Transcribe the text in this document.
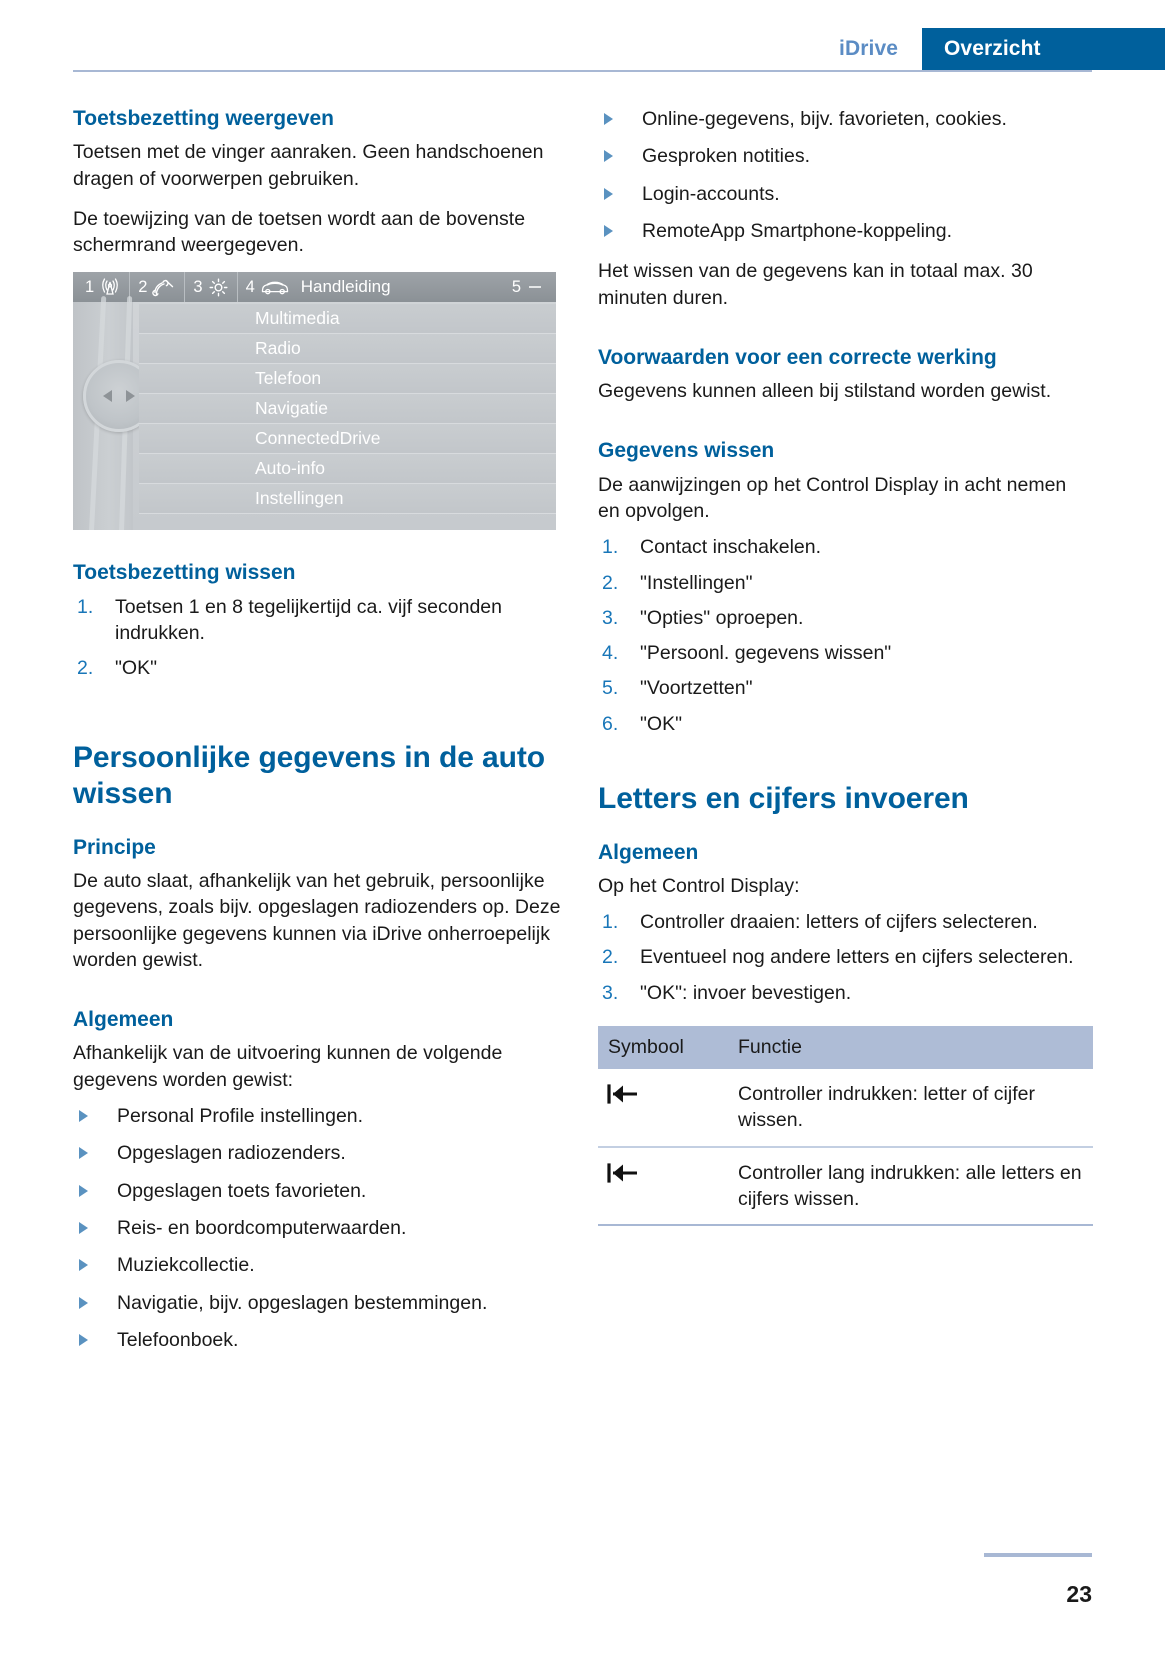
iDrive	Overzicht
Toetsbezetting weergeven

Toetsen met de vinger aanraken. Geen handschoenen dragen of voorwerpen gebruiken.

De toewijzing van de toetsen wordt aan de bovenste schermrand weergegeven.

1	2	3	4	Handleiding	5
Multimedia
Radio
Telefoon
Navigatie
ConnectedDrive
Auto-info
Instellingen
Toetsbezetting wissen
1.	Toetsen 1 en 8 tegelijkertijd ca. vijf seconden indrukken.
2.	"OK"
Persoonlijke gegevens in de auto wissen
Principe

De auto slaat, afhankelijk van het gebruik, persoonlijke gegevens, zoals bijv. opgeslagen radiozenders op. Deze persoonlijke gegevens kunnen via iDrive onherroepelijk worden gewist.

Algemeen

Afhankelijk van de uitvoering kunnen de volgende gegevens worden gewist:

Personal Profile instellingen.
Opgeslagen radiozenders.
Opgeslagen toets favorieten.
Reis- en boordcomputerwaarden.
Muziekcollectie.
Navigatie, bijv. opgeslagen bestemmingen.
Telefoonboek.
Online-gegevens, bijv. favorieten, cookies.
Gesproken notities.
Login-accounts.
RemoteApp Smartphone-koppeling.

Het wissen van de gegevens kan in totaal max. 30 minuten duren.

Voorwaarden voor een correcte werking

Gegevens kunnen alleen bij stilstand worden gewist.

Gegevens wissen

De aanwijzingen op het Control Display in acht nemen en opvolgen.

1.	Contact inschakelen.
2.	"Instellingen"
3.	"Opties" oproepen.
4.	"Persoonl. gegevens wissen"
5.	"Voortzetten"
6.	"OK"
Letters en cijfers invoeren
Algemeen

Op het Control Display:

1.	Controller draaien: letters of cijfers selecteren.
2.	Eventueel nog andere letters en cijfers selecteren.
3.	"OK": invoer bevestigen.
Symbool	Functie

	Controller indrukken: letter of cijfer wissen.

	Controller lang indrukken: alle letters en cijfers wissen.
23
